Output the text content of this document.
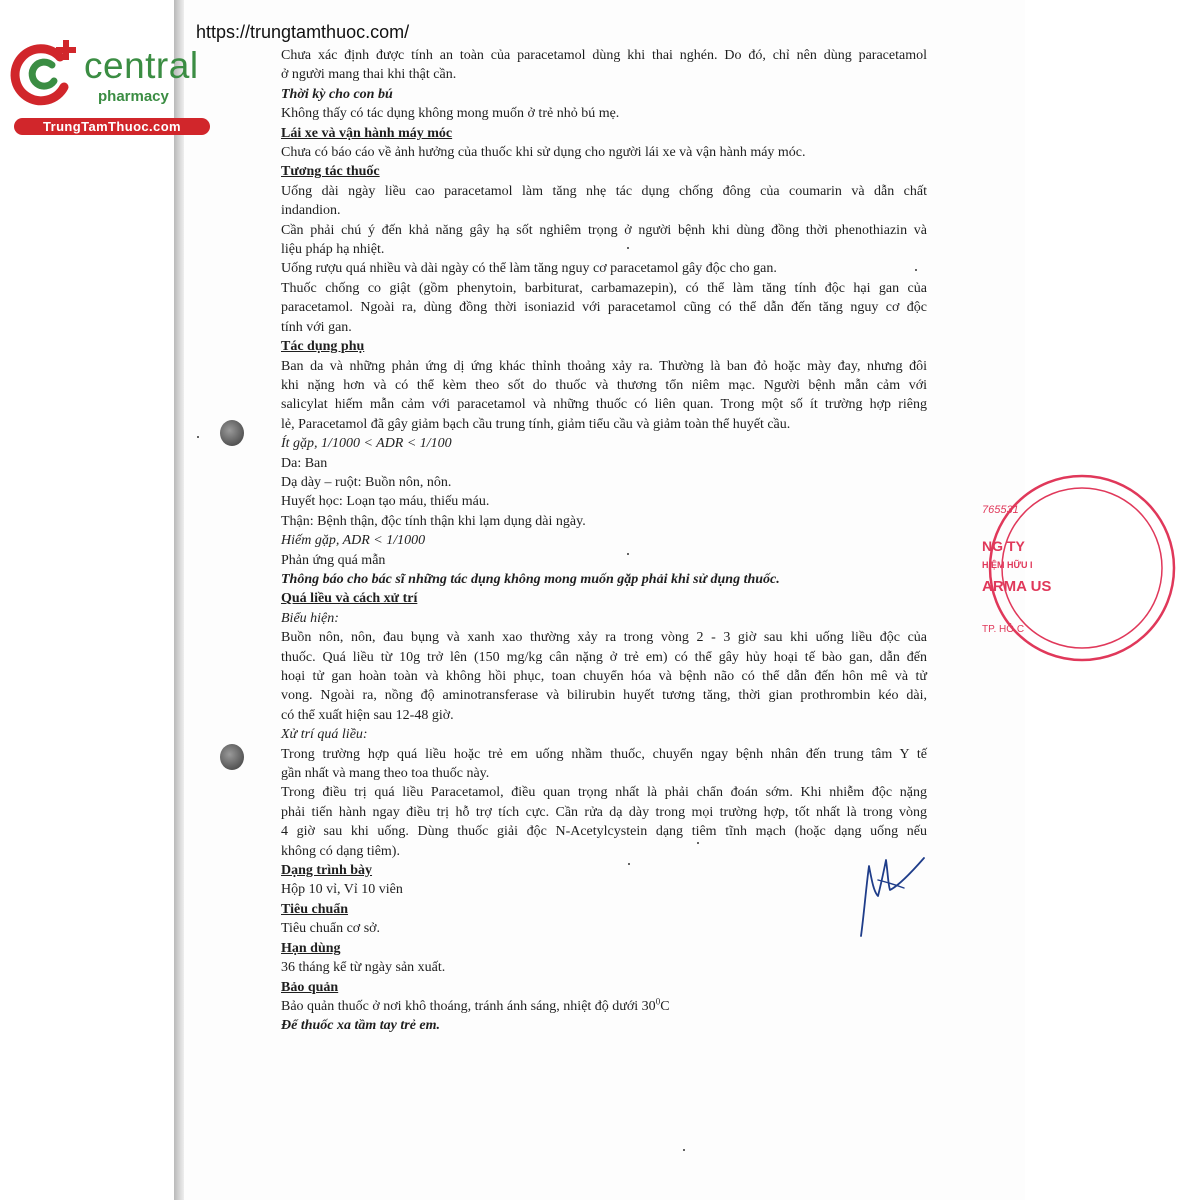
https://trungtamthuoc.com/
central
pharmacy
TrungTamThuoc.com
Chưa xác định được tính an toàn của paracetamol dùng khi thai nghén. Do đó, chỉ nên dùng paracetamol
ở người mang thai khi thật cần.
Thời kỳ cho con bú
Không thấy có tác dụng không mong muốn ở trẻ nhỏ bú mẹ.
Lái xe và vận hành máy móc
Chưa có báo cáo về ảnh hưởng của thuốc khi sử dụng cho người lái xe và vận hành máy móc.
Tương tác thuốc
Uống dài ngày liều cao paracetamol làm tăng nhẹ tác dụng chống đông của coumarin và dẫn chất
indandion.
Cần phải chú ý đến khả năng gây hạ sốt nghiêm trọng ở người bệnh khi dùng đồng thời phenothiazin và
liệu pháp hạ nhiệt.
Uống rượu quá nhiều và dài ngày có thể làm tăng nguy cơ paracetamol gây độc cho gan.
Thuốc chống co giật (gồm phenytoin, barbiturat, carbamazepin), có thể làm tăng tính độc hại gan của
paracetamol. Ngoài ra, dùng đồng thời isoniazid với paracetamol cũng có thể dẫn đến tăng nguy cơ độc
tính với gan.
Tác dụng phụ
Ban da và những phản ứng dị ứng khác thỉnh thoảng xảy ra. Thường là ban đỏ hoặc mày đay, nhưng đôi
khi nặng hơn và có thể kèm theo sốt do thuốc và thương tổn niêm mạc. Người bệnh mẫn cảm với
salicylat hiếm mẫn cảm với paracetamol và những thuốc có liên quan. Trong một số ít trường hợp riêng
lẻ, Paracetamol đã gây giảm bạch cầu trung tính, giảm tiểu cầu và giảm toàn thể huyết cầu.
Ít gặp, 1/1000 < ADR < 1/100
Da: Ban
Dạ dày – ruột: Buồn nôn, nôn.
Huyết học: Loạn tạo máu, thiếu máu.
Thận: Bệnh thận, độc tính thận khi lạm dụng dài ngày.
Hiếm gặp, ADR < 1/1000
Phản ứng quá mẫn
Thông báo cho bác sĩ những tác dụng không mong muốn gặp phải khi sử dụng thuốc.
Quá liều và cách xử trí
Biểu hiện:
Buồn nôn, nôn, đau bụng và xanh xao thường xảy ra trong vòng 2 - 3 giờ sau khi uống liều độc của
thuốc. Quá liều từ 10g trở lên (150 mg/kg cân nặng ở trẻ em) có thể gây hủy hoại tế bào gan, dẫn đến
hoại tử gan hoàn toàn và không hồi phục, toan chuyển hóa và bệnh não có thể dẫn đến hôn mê và tử
vong. Ngoài ra, nồng độ aminotransferase và bilirubin huyết tương tăng, thời gian prothrombin kéo dài,
có thể xuất hiện sau 12-48 giờ.
Xử trí quá liều:
Trong trường hợp quá liều hoặc trẻ em uống nhầm thuốc, chuyển ngay bệnh nhân đến trung tâm Y tế
gần nhất và mang theo toa thuốc này.
Trong điều trị quá liều Paracetamol, điều quan trọng nhất là phải chẩn đoán sớm. Khi nhiễm độc nặng
phải tiến hành ngay điều trị hỗ trợ tích cực. Cần rửa dạ dày trong mọi trường hợp, tốt nhất là trong vòng
4 giờ sau khi uống. Dùng thuốc giải độc N-Acetylcystein dạng tiêm tĩnh mạch (hoặc dạng uống nếu
không có dạng tiêm).
Dạng trình bày
Hộp 10 vỉ, Vỉ 10 viên
Tiêu chuẩn
Tiêu chuẩn cơ sở.
Hạn dùng
36 tháng kể từ ngày sản xuất.
Bảo quản
Bảo quản thuốc ở nơi khô thoáng, tránh ánh sáng, nhiệt độ dưới $30^0C$
Để thuốc xa tầm tay trẻ em.
765531
NG TY
HIỆM HỮU I
ARMA US
TP. HỒ C
